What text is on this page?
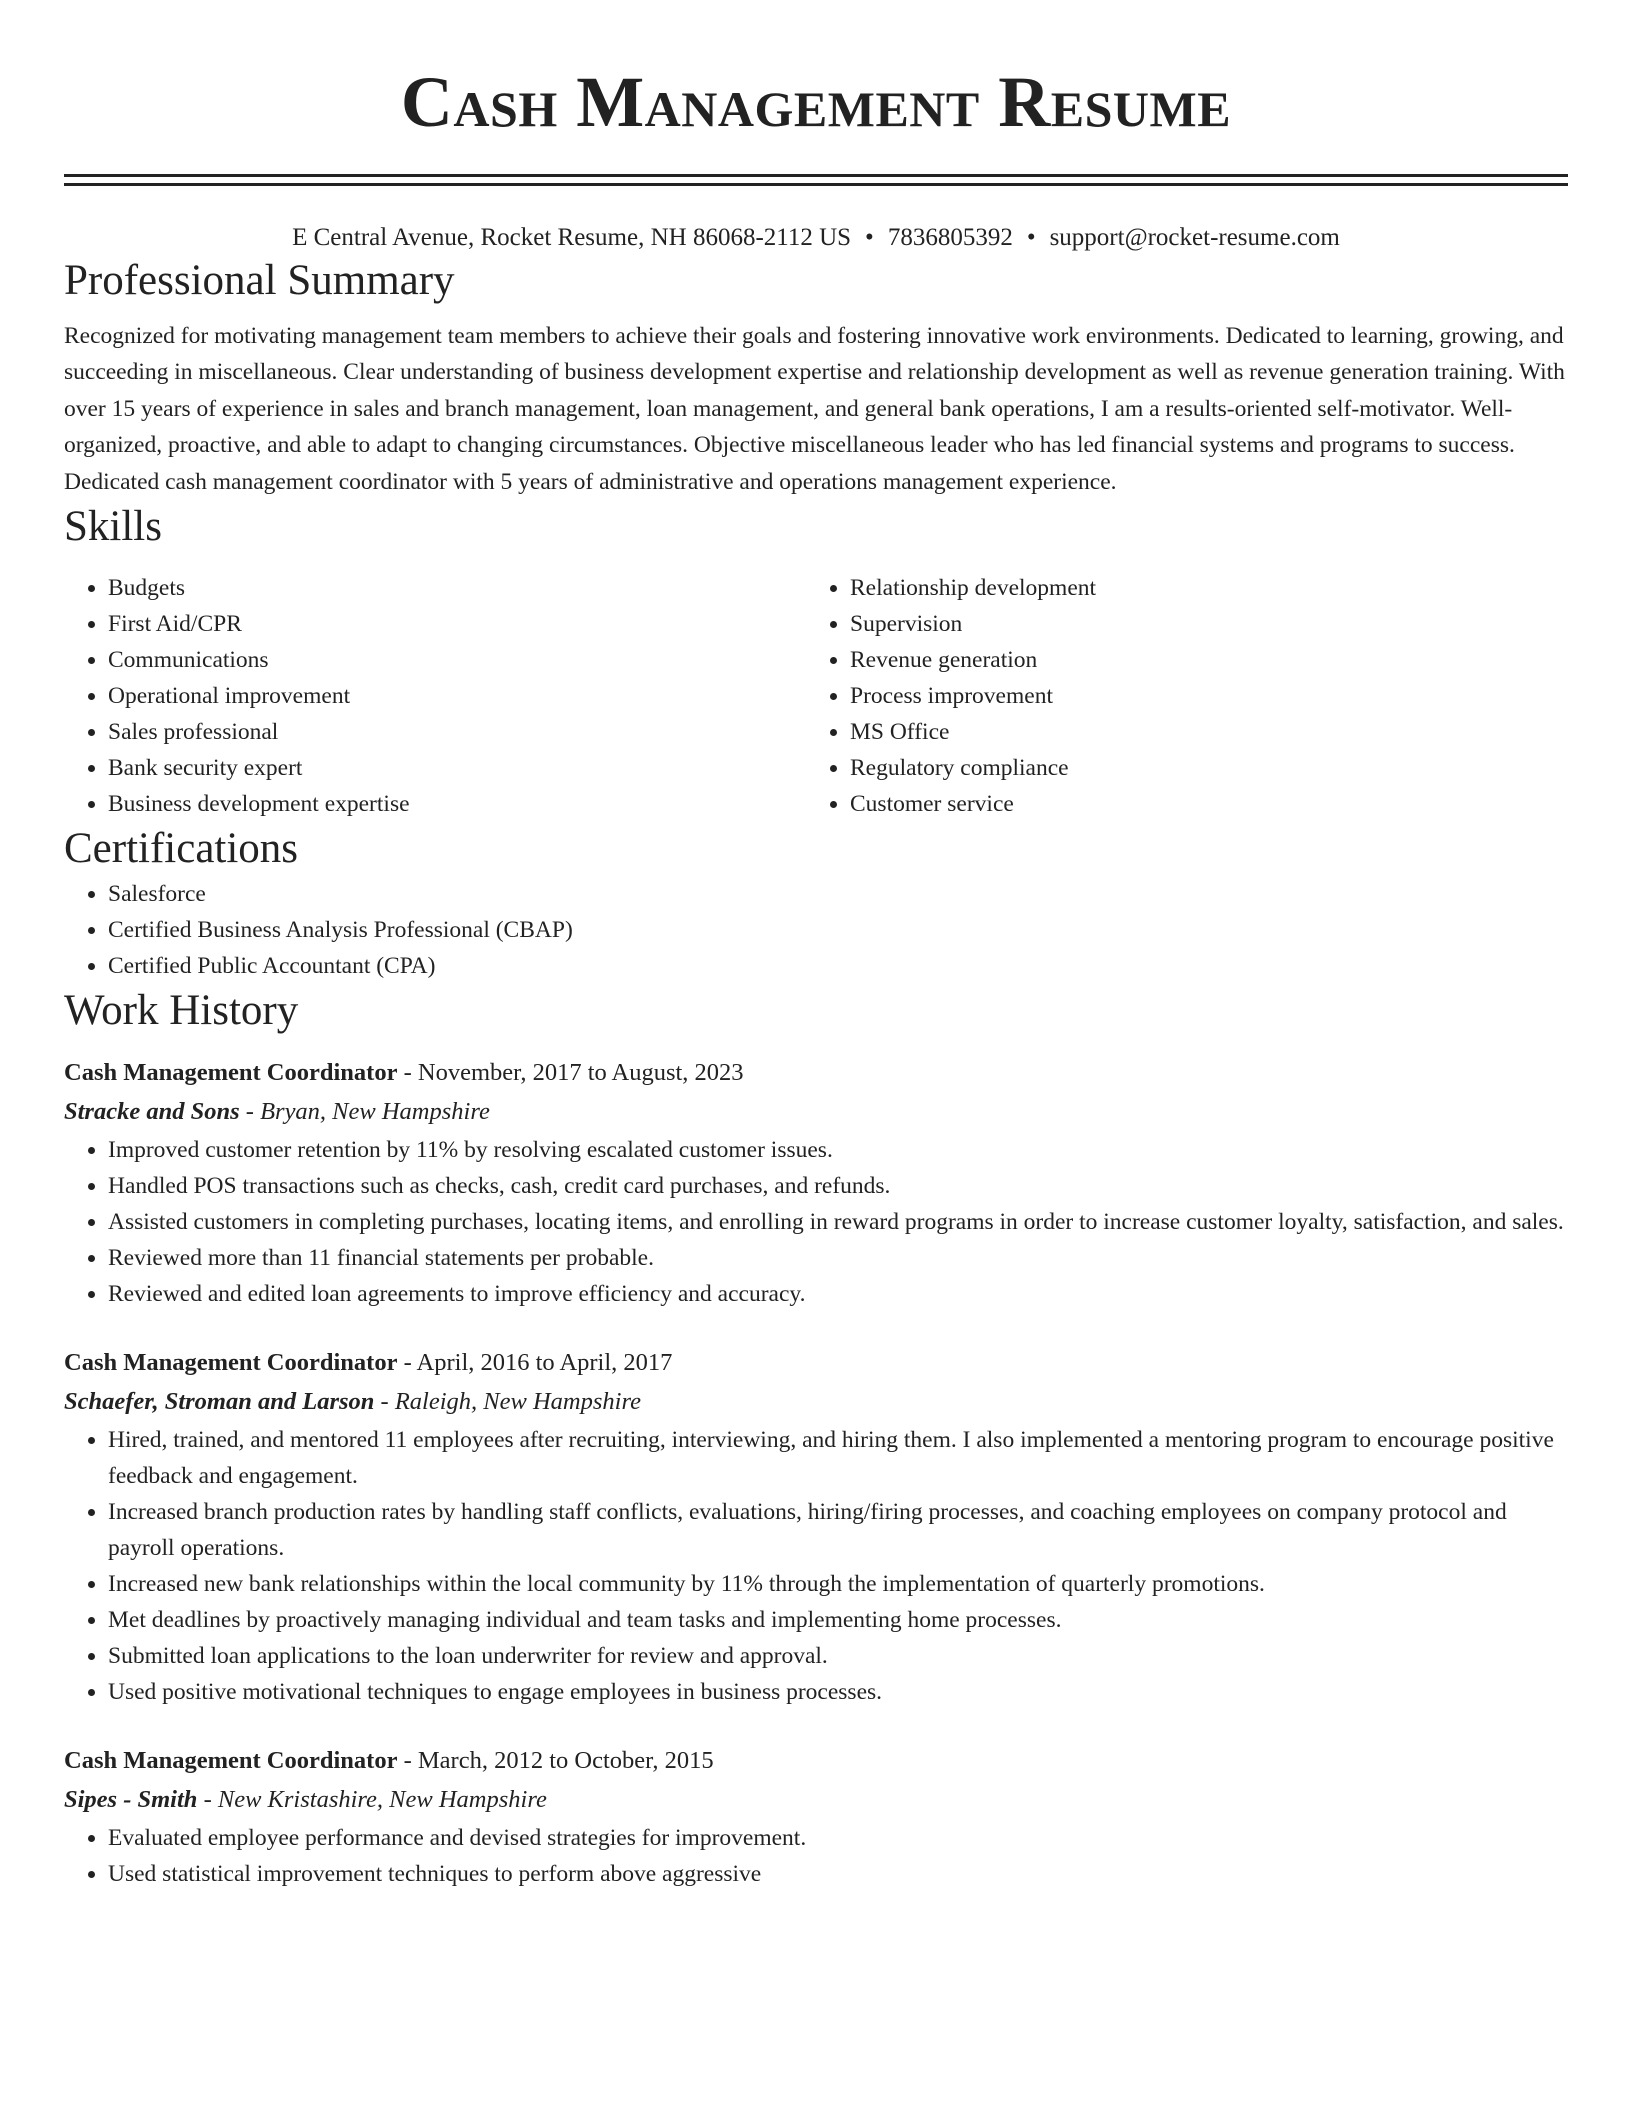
Cash Management Resume
E Central Avenue, Rocket Resume, NH 86068-2112 US • 7836805392 • support@rocket-resume.com
Professional Summary

Recognized for motivating management team members to achieve their goals and fostering innovative work environments. Dedicated to learning, growing, and succeeding in miscellaneous. Clear understanding of business development expertise and relationship development as well as revenue generation training. With over 15 years of experience in sales and branch management, loan management, and general bank operations, I am a results-oriented self-motivator. Well-organized, proactive, and able to adapt to changing circumstances. Objective miscellaneous leader who has led financial systems and programs to success. Dedicated cash management coordinator with 5 years of administrative and operations management experience.

Skills
• Budgets
• First Aid/CPR
• Communications
• Operational improvement
• Sales professional
• Bank security expert
• Business development expertise
• Relationship development
• Supervision
• Revenue generation
• Process improvement
• MS Office
• Regulatory compliance
• Customer service
Certifications
• Salesforce
• Certified Business Analysis Professional (CBAP)
• Certified Public Accountant (CPA)
Work History
Cash Management Coordinator - November, 2017 to August, 2023
Stracke and Sons - Bryan, New Hampshire
• Improved customer retention by 11% by resolving escalated customer issues.
• Handled POS transactions such as checks, cash, credit card purchases, and refunds.
• Assisted customers in completing purchases, locating items, and enrolling in reward programs in order to increase customer loyalty, satisfaction, and sales.
• Reviewed more than 11 financial statements per probable.
• Reviewed and edited loan agreements to improve efficiency and accuracy.
Cash Management Coordinator - April, 2016 to April, 2017
Schaefer, Stroman and Larson - Raleigh, New Hampshire
• Hired, trained, and mentored 11 employees after recruiting, interviewing, and hiring them. I also implemented a mentoring program to encourage positive feedback and engagement.
• Increased branch production rates by handling staff conflicts, evaluations, hiring/firing processes, and coaching employees on company protocol and payroll operations.
• Increased new bank relationships within the local community by 11% through the implementation of quarterly promotions.
• Met deadlines by proactively managing individual and team tasks and implementing home processes.
• Submitted loan applications to the loan underwriter for review and approval.
• Used positive motivational techniques to engage employees in business processes.
Cash Management Coordinator - March, 2012 to October, 2015
Sipes - Smith - New Kristashire, New Hampshire
• Evaluated employee performance and devised strategies for improvement.
• Used statistical improvement techniques to perform above aggressive
